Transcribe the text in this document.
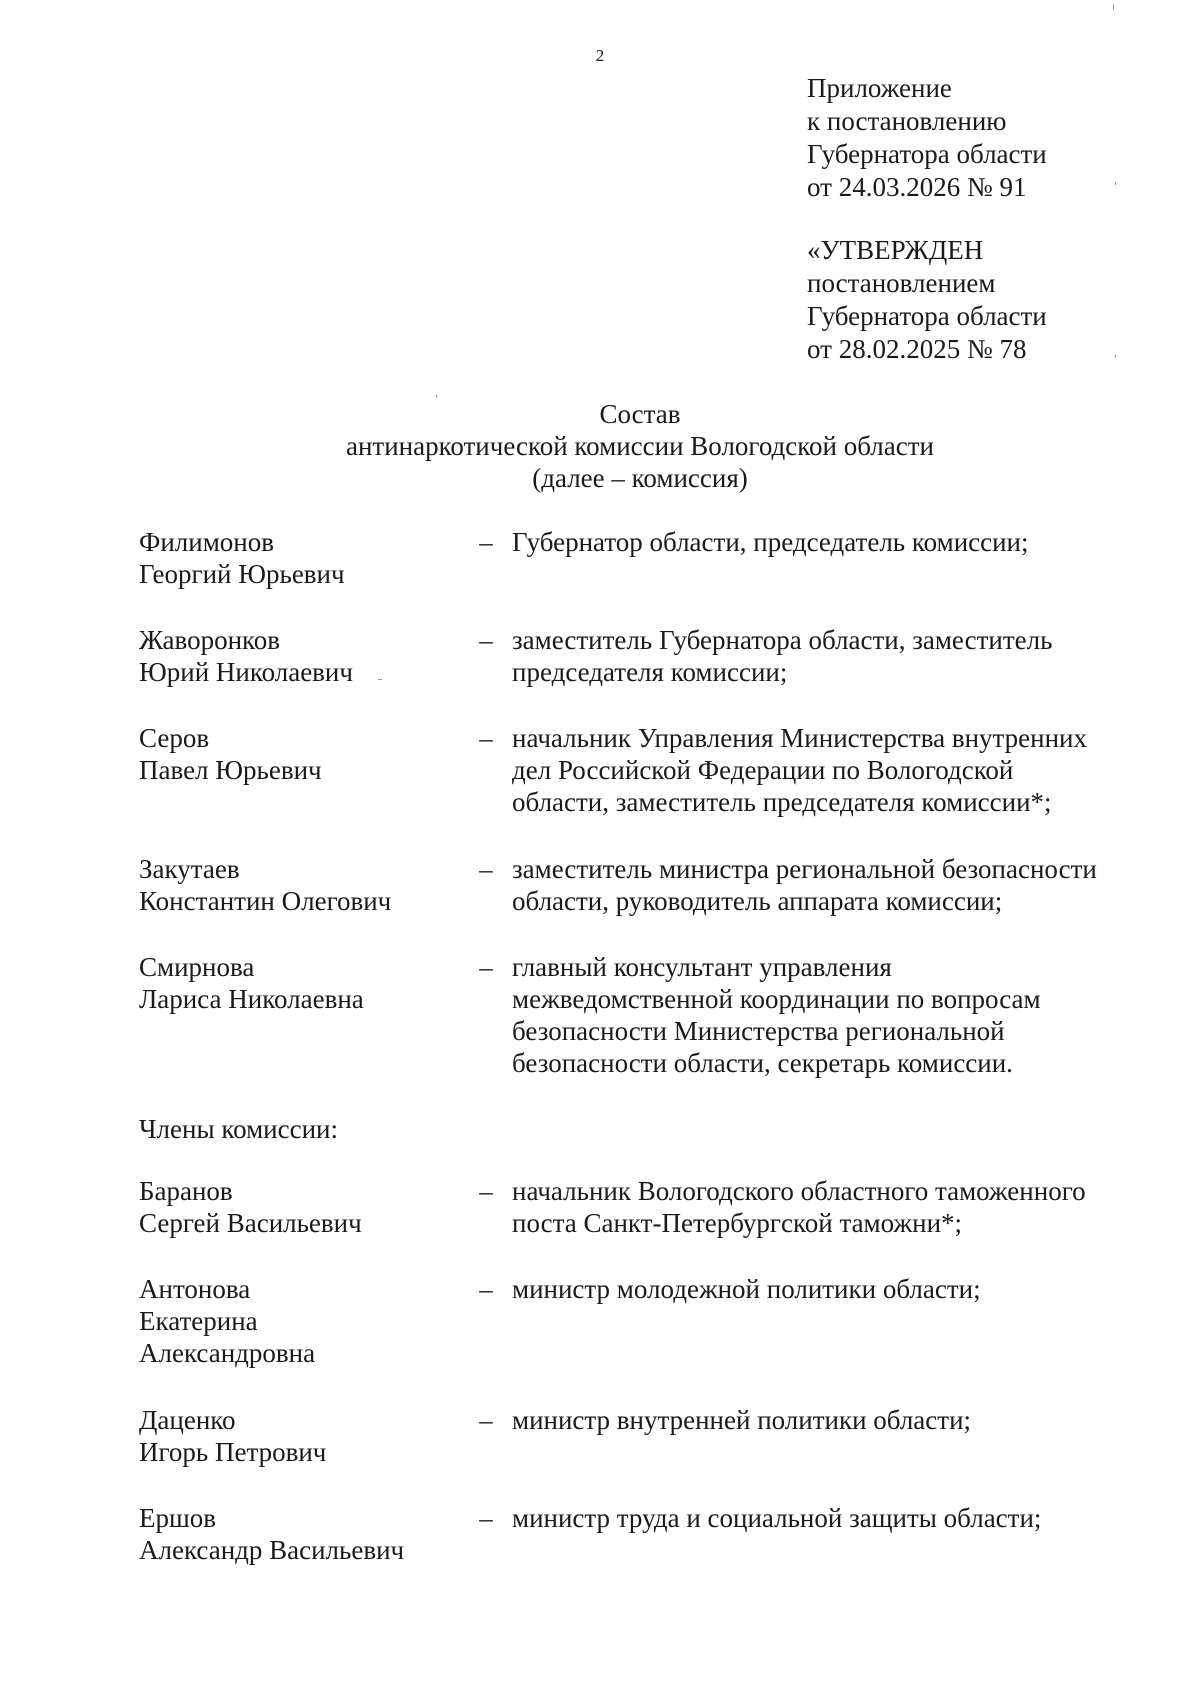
2
Приложение
к постановлению
Губернатора области
от 24.03.2026 № 91
«УТВЕРЖДЕН
постановлением
Губернатора области
от 28.02.2025 № 78
Состав
антинаркотической комиссии Вологодской области
(далее – комиссия)
Филимонов
Георгий Юрьевич
– Губернатор области, председатель комиссии;
Жаворонков
Юрий Николаевич
– заместитель Губернатора области, заместитель
председателя комиссии;
Серов
Павел Юрьевич
– начальник Управления Министерства внутренних
дел Российской Федерации по Вологодской
области, заместитель председателя комиссии*;
Закутаев
Константин Олегович
– заместитель министра региональной безопасности
области, руководитель аппарата комиссии;
Смирнова
Лариса Николаевна
– главный консультант управления
межведомственной координации по вопросам
безопасности Министерства региональной
безопасности области, секретарь комиссии.
Члены комиссии:
Баранов
Сергей Васильевич
– начальник Вологодского областного таможенного
поста Санкт-Петербургской таможни*;
Антонова
Екатерина
Александровна
– министр молодежной политики области;
Даценко
Игорь Петрович
– министр внутренней политики области;
Ершов
Александр Васильевич
– министр труда и социальной защиты области;
